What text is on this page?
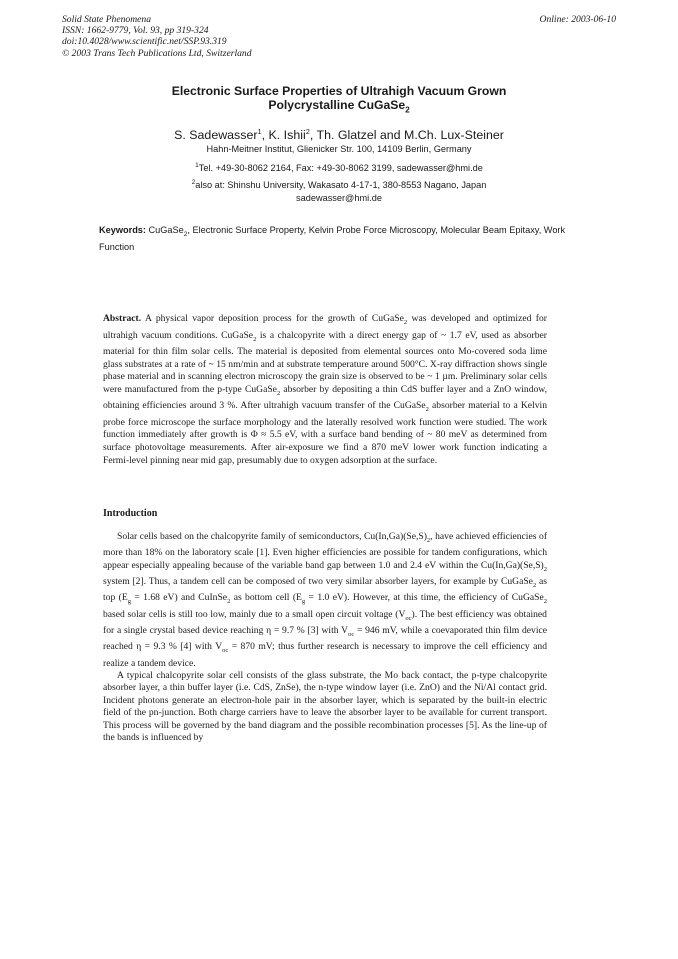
Solid State Phenomena
ISSN: 1662-9779, Vol. 93, pp 319-324
doi:10.4028/www.scientific.net/SSP.93.319
© 2003 Trans Tech Publications Ltd, Switzerland
Online: 2003-06-10
Electronic Surface Properties of Ultrahigh Vacuum Grown
Polycrystalline CuGaSe$_2$
S. Sadewasser$^1$, K. Ishii$^2$, Th. Glatzel and M.Ch. Lux-Steiner
Hahn-Meitner Institut, Glienicker Str. 100, 14109 Berlin, Germany
$^1$Tel. +49-30-8062 2164, Fax: +49-30-8062 3199, sadewasser@hmi.de
$^2$also at: Shinshu University, Wakasato 4-17-1, 380-8553 Nagano, Japan
sadewasser@hmi.de
Keywords: CuGaSe$_2$, Electronic Surface Property, Kelvin Probe Force Microscopy, Molecular Beam Epitaxy, Work Function
Abstract. A physical vapor deposition process for the growth of CuGaSe$_2$ was developed and optimized for ultrahigh vacuum conditions. CuGaSe$_2$ is a chalcopyrite with a direct energy gap of ~ 1.7 eV, used as absorber material for thin film solar cells. The material is deposited from elemental sources onto Mo-covered soda lime glass substrates at a rate of ~ 15 nm/min and at substrate temperature around 500°C. X-ray diffraction shows single phase material and in scanning electron microscopy the grain size is observed to be ~ 1 µm. Preliminary solar cells were manufactured from the p-type CuGaSe$_2$ absorber by depositing a thin CdS buffer layer and a ZnO window, obtaining efficiencies around 3 %. After ultrahigh vacuum transfer of the CuGaSe$_2$ absorber material to a Kelvin probe force microscope the surface morphology and the laterally resolved work function were studied. The work function immediately after growth is Φ ≈ 5.5 eV, with a surface band bending of ~ 80 meV as determined from surface photovoltage measurements. After air-exposure we find a 870 meV lower work function indicating a Fermi-level pinning near mid gap, presumably due to oxygen adsorption at the surface.
Introduction

Solar cells based on the chalcopyrite family of semiconductors, $Cu(In,Ga)(Se,S)_2$, have achieved efficiencies of more than 18% on the laboratory scale [1]. Even higher efficiencies are possible for tandem configurations, which appear especially appealing because of the variable band gap between 1.0 and 2.4 eV within the $Cu(In,Ga)(Se,S)_2$ system [2]. Thus, a tandem cell can be composed of two very similar absorber layers, for example by CuGaSe$_2$ as top ($E_g = 1.68$ eV) and CuInSe$_2$ as bottom cell ($E_g = 1.0$ eV). However, at this time, the efficiency of CuGaSe$_2$ based solar cells is still too low, mainly due to a small open circuit voltage $(V_{oc})$. The best efficiency was obtained for a single crystal based device reaching η = 9.7 % [3] with $V_{oc} = 946$ mV, while a coevaporated thin film device reached η = 9.3 % [4] with $V_{oc} = 870$ mV; thus further research is necessary to improve the cell efficiency and realize a tandem device.

A typical chalcopyrite solar cell consists of the glass substrate, the Mo back contact, the p-type chalcopyrite absorber layer, a thin buffer layer (i.e. CdS, ZnSe), the n-type window layer (i.e. ZnO) and the Ni/Al contact grid. Incident photons generate an electron-hole pair in the absorber layer, which is separated by the built-in electric field of the pn-junction. Both charge carriers have to leave the absorber layer to be available for current transport. This process will be governed by the band diagram and the possible recombination processes [5]. As the line-up of the bands is influenced by
